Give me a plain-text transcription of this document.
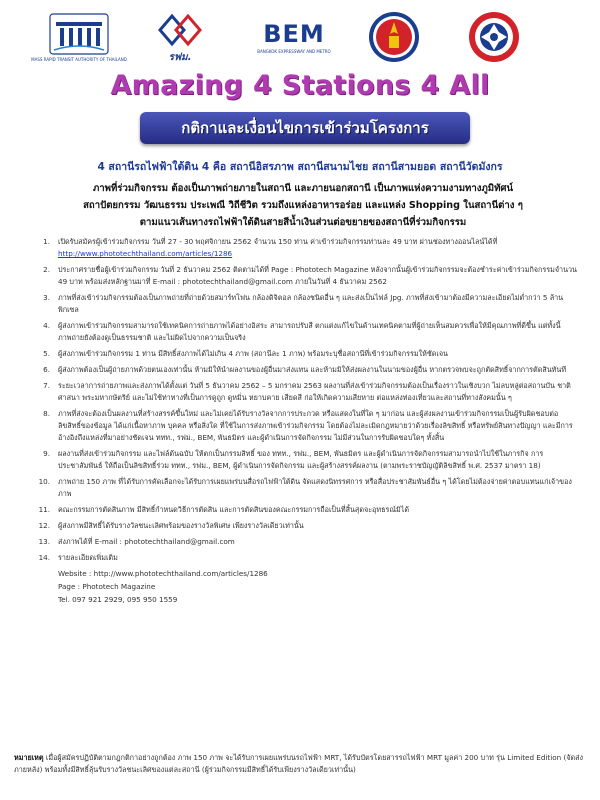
MASS RAPID TRANSIT AUTHORITY OF THAILAND	รฟม.
BEM
BANGKOK EXPRESSWAY AND METRO
Amazing 4 Stations 4 All
กติกาและเงื่อนไขการเข้าร่วมโครงการ
4 สถานีรถไฟฟ้าใต้ดิน 4 คือ สถานีอิสรภาพ สถานีสนามไชย สถานีสามยอด สถานีวัดมังกร
ภาพที่ร่วมกิจกรรม ต้องเป็นภาพถ่ายภายในสถานี และภายนอกสถานี เป็นภาพแห่งความงามทางภูมิทัศน์
สถาปัตยกรรม วัฒนธรรม ประเพณี วิถีชีวิต รวมถึงแหล่งอาหารอร่อย และแหล่ง Shopping ในสถานีต่าง ๆ
ตามแนวเส้นทางรถไฟฟ้าใต้ดินสายสีน้ำเงินส่วนต่อขยายของสถานีที่ร่วมกิจกรรม
1. เปิดรับสมัครผู้เข้าร่วมกิจกรรม วันที่ 27 - 30 พฤศจิกายน 2562 จำนวน 150 ท่าน ค่าเข้าร่วมกิจกรรมท่านละ 49 บาท ผ่านช่องทางออนไลน์ได้ที่ http://www.phototechthailand.com/articles/1286
2. ประกาศรายชื่อผู้เข้าร่วมกิจกรรม วันที่ 2 ธันวาคม 2562 ติดตามได้ที่ Page : Phototech Magazine หลังจากนั้นผู้เข้าร่วมกิจกรรมจะต้องชำระค่าเข้าร่วมกิจกรรมจำนวน 49 บาท พร้อมส่งหลักฐานมาที่ E-mail : phototechthailand@gmail.com ภายในวันที่ 4 ธันวาคม 2562
3. ภาพที่ส่งเข้าร่วมกิจกรรมต้องเป็นภาพถ่ายที่ถ่ายด้วยสมาร์ทโฟน กล้องดิจิตอล กล้องชนิดอื่น ๆ และส่งเป็นไฟล์ Jpg. ภาพที่ส่งเข้ามาต้องมีความละเอียดไม่ต่ำกว่า 5 ล้านพิกเซล
4. ผู้ส่งภาพเข้าร่วมกิจกรรมสามารถใช้เทคนิคการถ่ายภาพได้อย่างอิสระ สามารถปรับสี ตกแต่งแก้ไขในด้านเทคนิคตามที่ผู้ถ่ายเห็นสมควรเพื่อให้มีคุณภาพที่ดีขึ้น แต่ทั้งนี้ภาพถ่ายยังต้องดูเป็นธรรมชาติ และไม่ผิดไปจากความเป็นจริง
5. ผู้ส่งภาพเข้าร่วมกิจกรรม 1 ท่าน มีสิทธิ์ส่งภาพได้ไม่เกิน 4 ภาพ (สถานีละ 1 ภาพ) พร้อมระบุชื่อสถานีที่เข้าร่วมกิจกรรมให้ชัดเจน
6. ผู้ส่งภาพต้องเป็นผู้ถ่ายภาพด้วยตนเองเท่านั้น ห้ามมิให้นำผลงานของผู้อื่นมาส่งแทน และห้ามมิให้ส่งผลงานในนามของผู้อื่น หากตรวจพบจะถูกตัดสิทธิ์จากการตัดสินทันที
7. ระยะเวลาการถ่ายภาพและส่งภาพได้ตั้งแต่ วันที่ 5 ธันวาคม 2562 – 5 มกราคม 2563 ผลงานที่ส่งเข้าร่วมกิจกรรมต้องเป็นเรื่องราวในเชิงบวก ไม่ลบหลู่ต่อสถานบัน ชาติ ศาสนา พระมหากษัตริย์ และไม่ใช้ท่าทางที่เป็นการดูถูก ดูหมิ่น หยาบคาย เสียดสี ก่อให้เกิดความเสียหาย ต่อแหล่งท่องเที่ยวและสถานที่ทางสังคมนั้น ๆ
8. ภาพที่ส่งจะต้องเป็นผลงานที่สร้างสรรค์ขึ้นใหม่ และไม่เคยได้รับรางวัลจากการประกวด หรือแสดงในที่ใด ๆ มาก่อน และผู้ส่งผลงานเข้าร่วมกิจกรรมเป็นผู้รับผิดชอบต่อลิขสิทธิ์ของข้อมูล ได้แก่เนื้อหาภาพ บุคคล หรือสิ่งใด ที่ใช้ในการส่งภาพเข้าร่วมกิจกรรม โดยต้องไม่ละเมิดกฎหมายว่าด้วยเรื่องลิขสิทธิ์ หรือทรัพย์สินทางปัญญา และมีการอ้างอิงถึงแหล่งที่มาอย่างชัดเจน ททท., รฟม., BEM, พันธมิตร และผู้ดำเนินการจัดกิจกรรม ไม่มีส่วนในการรับผิดชอบใดๆ ทั้งสิ้น
9. ผลงานที่ส่งเข้าร่วมกิจกรรม และไฟล์ต้นฉบับ ให้ตกเป็นกรรมสิทธิ์ ของ ททท., รฟม., BEM, พันธมิตร และผู้ดำเนินการจัดกิจกรรมสามารถนำไปใช้ในภารกิจ การประชาสัมพันธ์ ให้ถือเป็นลิขสิทธิ์ร่วม ททท., รฟม., BEM, ผู้ดำเนินการจัดกิจกรรม และผู้สร้างสรรค์ผลงาน (ตามพระราชบัญญัติลิขสิทธิ์ พ.ศ. 2537 มาตรา 18)
10. ภาพถ่าย 150 ภาพ ที่ได้รับการคัดเลือกจะได้รับการเผยแพร่บนสื่อรถไฟฟ้าใต้ดิน จัดแสดงนิทรรศการ หรือสื่อประชาสัมพันธ์อื่น ๆ ได้โดยไม่ต้องจ่ายค่าตอบแทนแก่เจ้าของภาพ
11. คณะกรรมการตัดสินภาพ มีสิทธิ์กำหนดวิธีการตัดสิน และการตัดสินของคณะกรรมการถือเป็นที่สิ้นสุดจะอุทธรณ์มิได้
12. ผู้ส่งภาพมีสิทธิ์ได้รับรางวัลชนะเลิศพร้อมของรางวัลพิเศษ เพียงรางวัลเดียวเท่านั้น
13. ส่งภาพได้ที่ E-mail : phototechthailand@gmail.com
14. รายละเอียดเพิ่มเติม
Website : http://www.phototechthailand.com/articles/1286
Page : Phototech Magazine
Tel. 097 921 2929, 095 950 1559
หมายเหตุ เมื่อผู้สมัครปฏิบัติตามกฎกติกาอย่างถูกต้อง ภาพ 150 ภาพ จะได้รับการเผยแพร่บนรถไฟฟ้า MRT, ได้รับบัตรโดยสารรถไฟฟ้า MRT มูลค่า 200 บาท รุ่น Limited Edition (จัดส่งภายหลัง) พร้อมทั้งมีสิทธิ์ลุ้นรับรางวัลชนะเลิศของแต่ละสถานี (ผู้ร่วมกิจกรรมมีสิทธิ์ได้รับเพียงรางวัลเดียวเท่านั้น)
